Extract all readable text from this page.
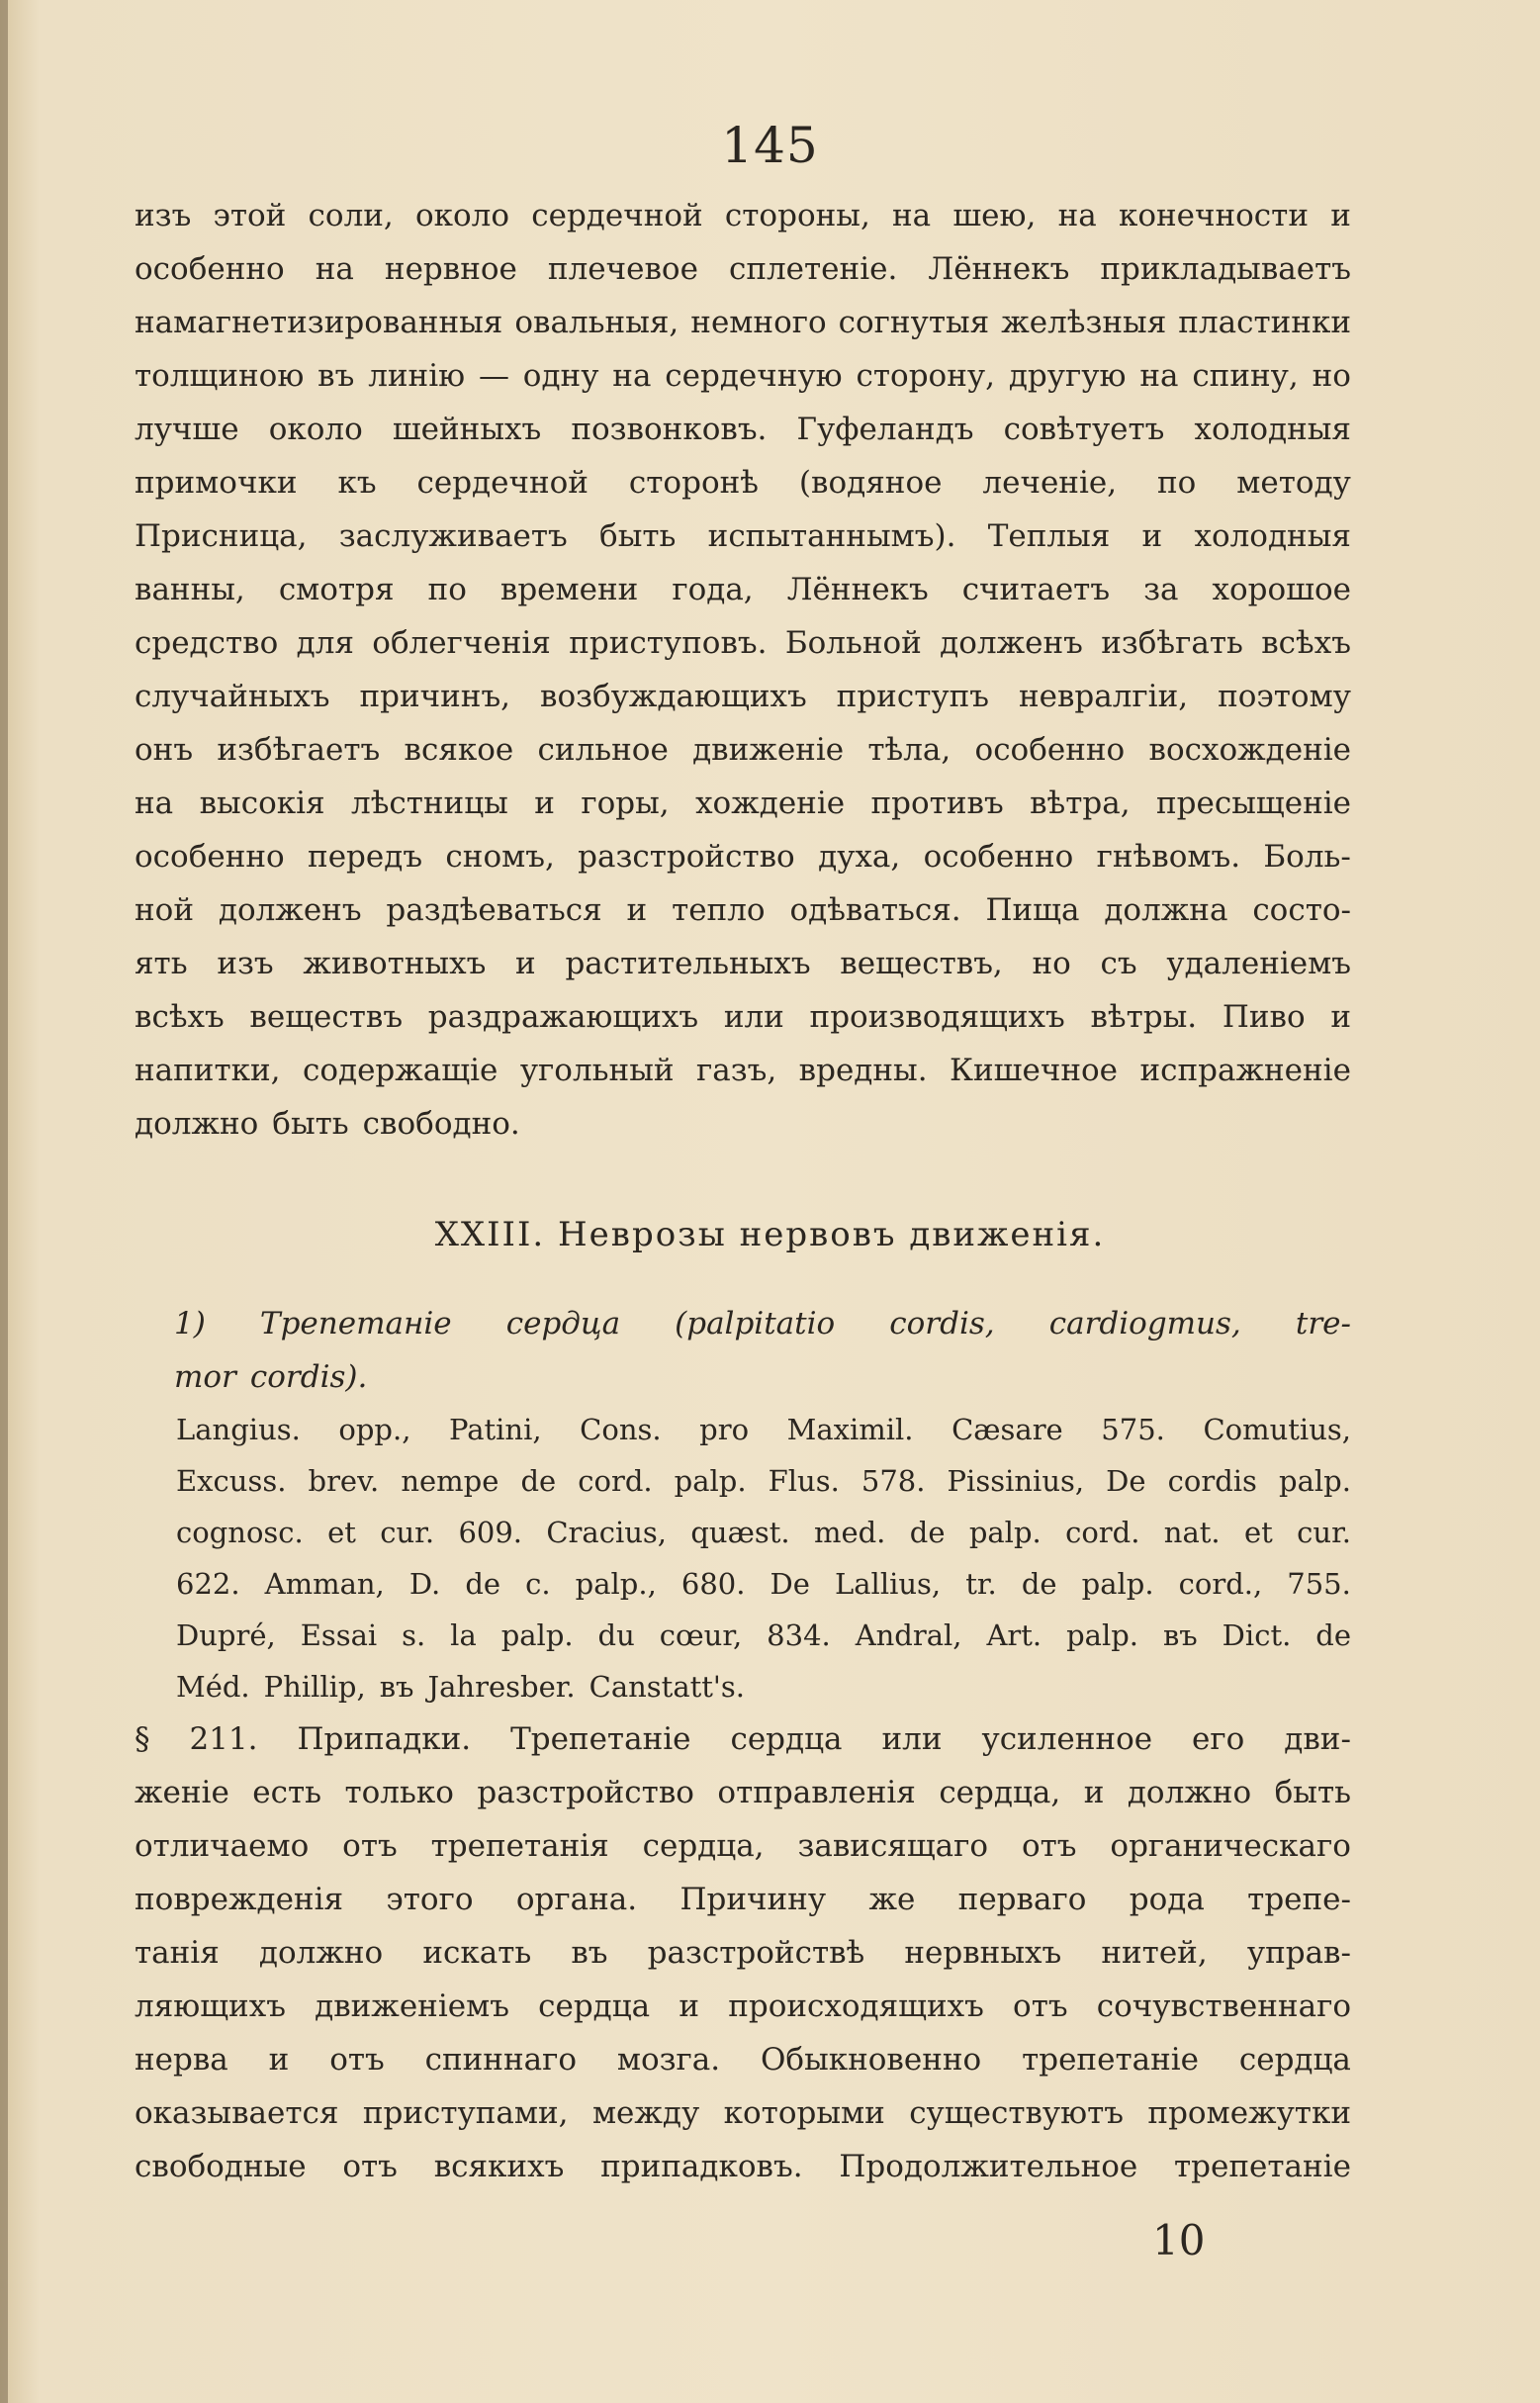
145
изъ этой соли, около сердечной стороны, на шею, на конечности и
особенно на нервное плечевое сплетеніе. Лённекъ прикладываетъ
намагнетизированныя овальныя, немного согнутыя желѣзныя пластинки
толщиною въ линію — одну на сердечную сторону, другую на спину, но
лучше около шейныхъ позвонковъ. Гуфеландъ совѣтуетъ холодныя
примочки къ сердечной сторонѣ (водяное леченіе, по методу
Присница, заслуживаетъ быть испытаннымъ). Теплыя и холодныя
ванны, смотря по времени года, Лённекъ считаетъ за хорошое
средство для облегченія приступовъ. Больной долженъ избѣгать всѣхъ
случайныхъ причинъ, возбуждающихъ приступъ невралгіи, поэтому
онъ избѣгаетъ всякое сильное движеніе тѣла, особенно восхожденіе
на высокія лѣстницы и горы, хожденіе противъ вѣтра, пресыщеніе
особенно передъ сномъ, разстройство духа, особенно гнѣвомъ. Боль-
ной долженъ раздѣеваться и тепло одѣваться. Пища должна состо-
ять изъ животныхъ и растительныхъ веществъ, но съ удаленіемъ
всѣхъ веществъ раздражающихъ или производящихъ вѣтры. Пиво и
напитки, содержащіе угольный газъ, вредны. Кишечное испражненіе
должно быть свободно.
XXIII. Неврозы нервовъ движенія.
1) Трепетаніе сердца (palpitatio cordis, cardiogmus, tre-
mor cordis).
Langius. opp., Patini, Cons. pro Maximil. Cæsare 575. Comutius,
Excuss. brev. nempe de cord. palp. Flus. 578. Pissinius, De cordis palp.
cognosc. et cur. 609. Cracius, quæst. med. de palp. cord. nat. et cur.
622. Amman, D. de c. palp., 680. De Lallius, tr. de palp. cord., 755.
Dupré, Essai s. la palp. du cœur, 834. Andral, Art. palp. въ Dict. de
Méd. Phillip, въ Jahresber. Canstatt's.
§ 211. Припадки. Трепетаніе сердца или усиленное его дви-
женіе есть только разстройство отправленія сердца, и должно быть
отличаемо отъ трепетанія сердца, зависящаго отъ органическаго
поврежденія этого органа. Причину же перваго рода трепе-
танія должно искать въ разстройствѣ нервныхъ нитей, управ-
ляющихъ движеніемъ сердца и происходящихъ отъ сочувственнаго
нерва и отъ спиннаго мозга. Обыкновенно трепетаніе сердца
оказывается приступами, между которыми существуютъ промежутки
свободные отъ всякихъ припадковъ. Продолжительное трепетаніе
10
